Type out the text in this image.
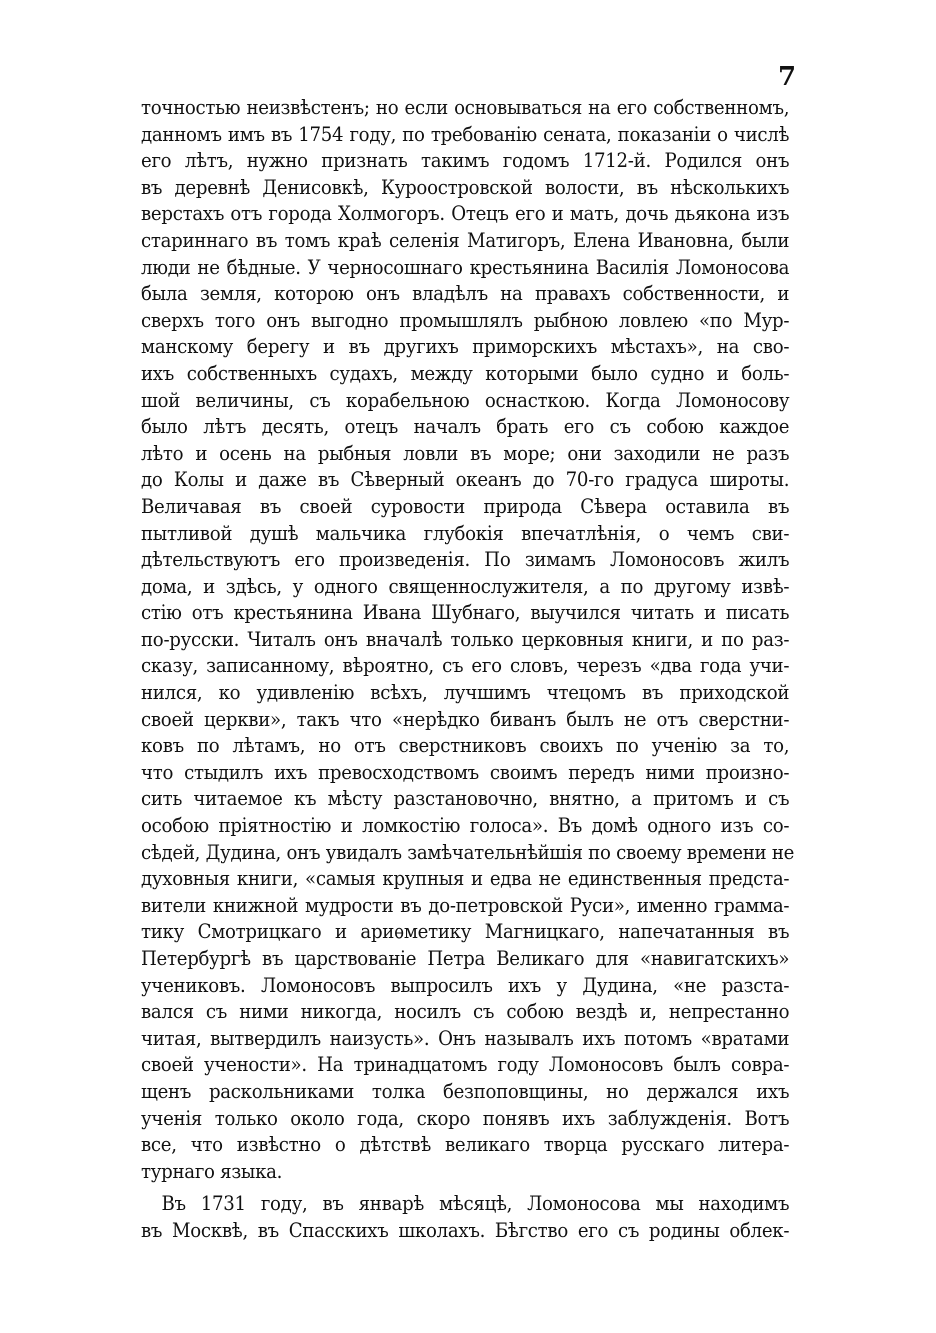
7
точностью неизвѣстенъ; но если основываться на его собственномъ,
данномъ имъ въ 1754 году, по требованію сената, показаніи о числѣ
его лѣтъ, нужно признать такимъ годомъ 1712-й. Родился онъ
въ деревнѣ Денисовкѣ, Куроостровской волости, въ нѣсколькихъ
верстахъ отъ города Холмогоръ. Отецъ его и мать, дочь дьякона изъ
стариннаго въ томъ краѣ селенія Матигоръ, Елена Ивановна, были
люди не бѣдные. У черносошнаго крестьянина Василія Ломоносова
была земля, которою онъ владѣлъ на правахъ собственности, и
сверхъ того онъ выгодно промышлялъ рыбною ловлею «по Мур-
манскому берегу и въ другихъ приморскихъ мѣстахъ», на сво-
ихъ собственныхъ судахъ, между которыми было судно и боль-
шой величины, съ корабельною оснасткою. Когда Ломоносову
было лѣтъ десять, отецъ началъ брать его съ собою каждое
лѣто и осень на рыбныя ловли въ море; они заходили не разъ
до Колы и даже въ Сѣверный океанъ до 70-го градуса широты.
Величавая въ своей суровости природа Сѣвера оставила въ
пытливой душѣ мальчика глубокія впечатлѣнія, о чемъ сви-
дѣтельствуютъ его произведенія. По зимамъ Ломоносовъ жилъ
дома, и здѣсь, у одного священнослужителя, а по другому извѣ-
стію отъ крестьянина Ивана Шубнаго, выучился читать и писать
по-русски. Читалъ онъ вначалѣ только церковныя книги, и по раз-
сказу, записанному, вѣроятно, съ его словъ, черезъ «два года учи-
нился, ко удивленію всѣхъ, лучшимъ чтецомъ въ приходской
своей церкви», такъ что «нерѣдко биванъ былъ не отъ сверстни-
ковъ по лѣтамъ, но отъ сверстниковъ своихъ по ученію за то,
что стыдилъ ихъ превосходствомъ своимъ передъ ними произно-
сить читаемое къ мѣсту разстановочно, внятно, а притомъ и съ
особою пріятностію и ломкостію голоса». Въ домѣ одного изъ со-
сѣдей, Дудина, онъ увидалъ замѣчательнѣйшія по своему времени не
духовныя книги, «самыя крупныя и едва не единственныя предста-
вители книжной мудрости въ до-петровской Руси», именно грамма-
тику Смотрицкаго и ариѳметику Магницкаго, напечатанныя въ
Петербургѣ въ царствованіе Петра Великаго для «навигатскихъ»
учениковъ. Ломоносовъ выпросилъ ихъ у Дудина, «не разста-
вался съ ними никогда, носилъ съ собою вездѣ и, непрестанно
читая, вытвердилъ наизусть». Онъ называлъ ихъ потомъ «вратами
своей учености». На тринадцатомъ году Ломоносовъ былъ совра-
щенъ раскольниками толка безпоповщины, но держался ихъ
ученія только около года, скоро понявъ ихъ заблужденія. Вотъ
все, что извѣстно о дѣтствѣ великаго творца русскаго литера-
турнаго языка.
Въ 1731 году, въ январѣ мѣсяцѣ, Ломоносова мы находимъ
въ Москвѣ, въ Спасскихъ школахъ. Бѣгство его съ родины облек-
